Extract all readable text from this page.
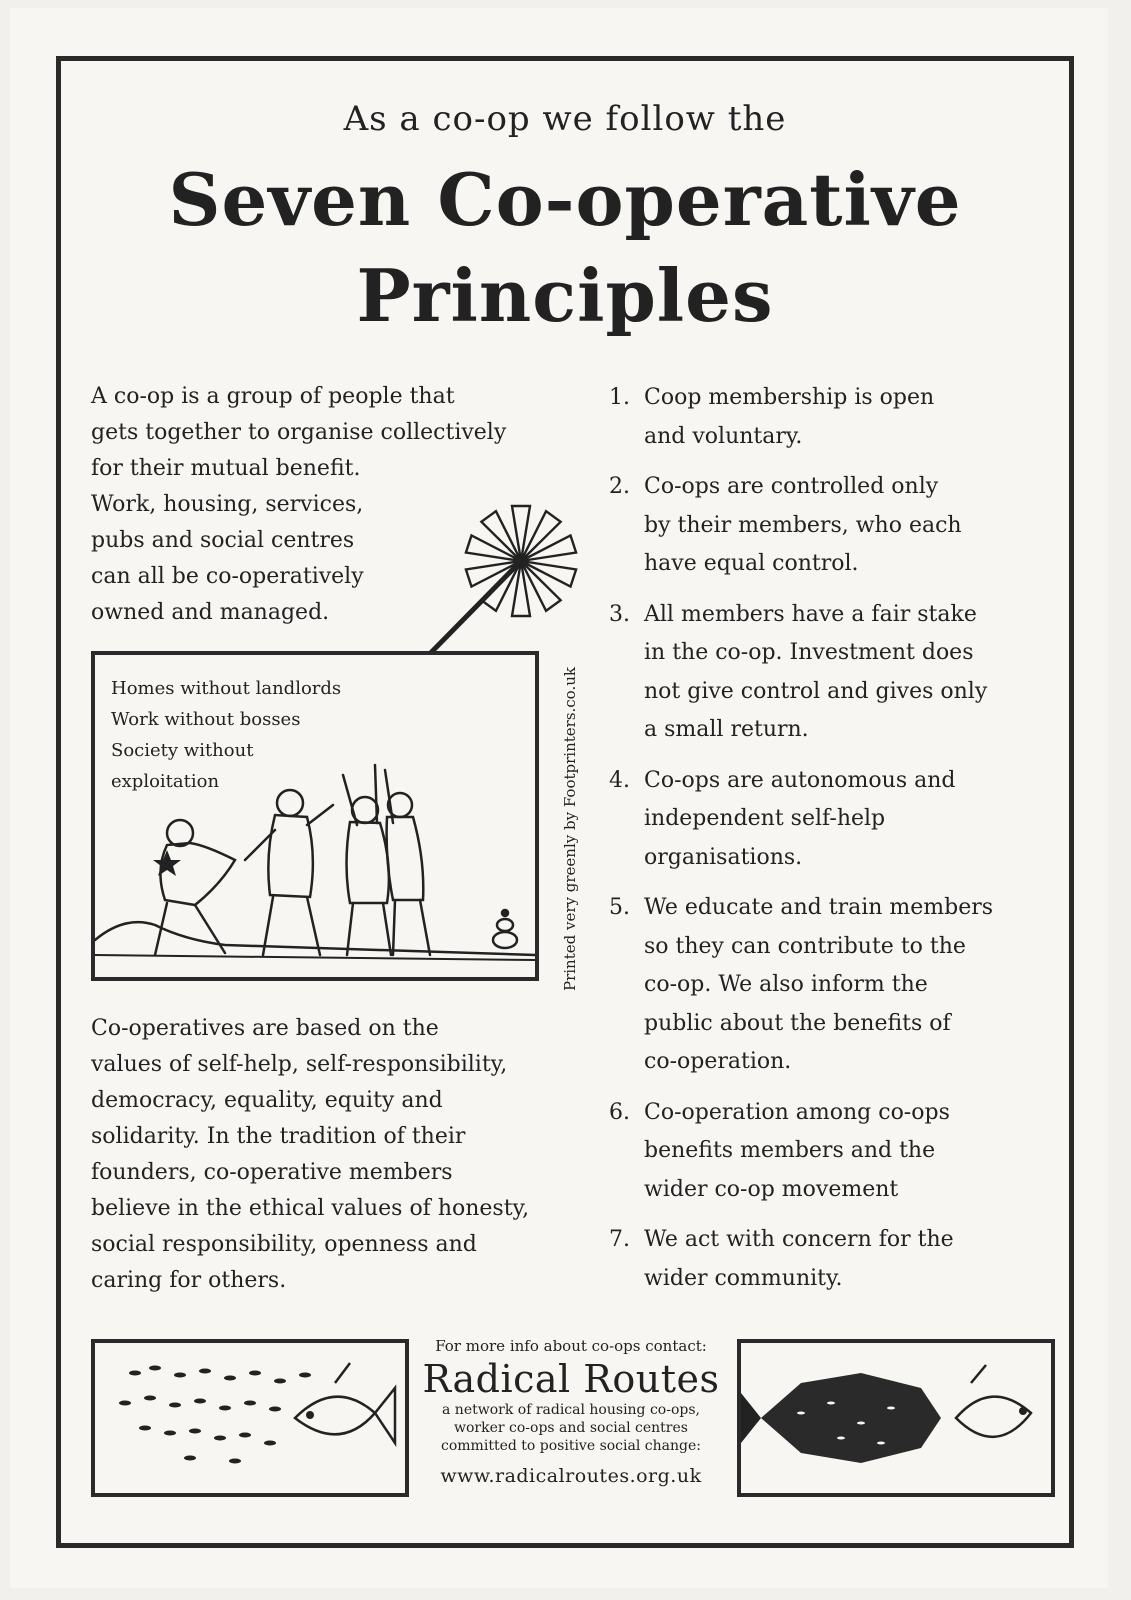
As a co-op we follow the
Seven Co-operative
Principles

A co-op is a group of people that
gets together to organise collectively
for their mutual benefit.
Work, housing, services,
pubs and social centres
can all be co-operatively
owned and managed.

Homes without landlords
Work without bosses
Society without
exploitation	Printed very greenly by Footprinters.co.uk

Co-operatives are based on the
values of self-help, self-responsibility,
democracy, equality, equity and
solidarity. In the tradition of their
founders, co-operative members
believe in the ethical values of honesty,
social responsibility, openness and
caring for others.

1. Coop membership is open
and voluntary.
2. Co-ops are controlled only
by their members, who each
have equal control.
3. All members have a fair stake
in the co-op. Investment does
not give control and gives only
a small return.
4. Co-ops are autonomous and
independent self-help
organisations.
5. We educate and train members
so they can contribute to the
co-op. We also inform the
public about the benefits of
co-operation.
6. Co-operation among co-ops
benefits members and the
wider co-op movement
7. We act with concern for the
wider community.
For more info about co-ops contact:
Radical Routes
a network of radical housing co-ops,
worker co-ops and social centres
committed to positive social change:
www.radicalroutes.org.uk
